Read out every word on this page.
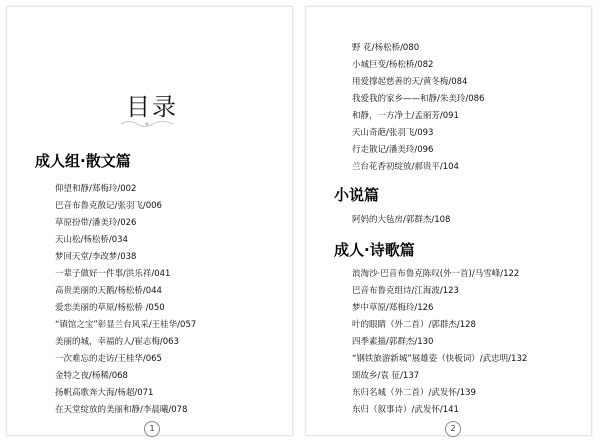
目录
成人组·散文篇
仰望和静/郑梅玲/002
巴音布鲁克散记/张羽飞/006
草原扮带/潘美玲/026
天山松/杨松桥/034
梦回天堂/李改梦/038
一辈子做好一件事/洪乐祥/041
高贵美丽的天鹅/杨松桥/044
爱恋美丽的草原/杨松桥 /050
“镇馆之宝”彰显兰台风采/王桂华/057
美丽的城，幸福的人/崔志梅/063
一次难忘的走访/王桂华/065
金特之夜/杨稀/068
扬帆高歌奔大海/杨超/071
在天堂绽放的美丽和静/李晨曦/078
1
野 花/杨松桥/080
小城巨变/杨松桥/082
用爱撑起慈善的天/黄冬梅/084
我爱我的家乡——和静/朱美玲/086
和静，一方净土/孟丽芳/091
天山奇葩/张羽飞/093
行走散记/潘美玲/096
兰台花香初绽放/郝贵平/104
小说篇
阿妈的大毡房/郭群杰/108
成人·诗歌篇
浪淘沙·巴音布鲁克陈叹(外一首)/马雪峰/122
巴音布鲁克组诗/江海波/123
梦中草原/郑梅玲/126
叶的眼睛（外二首）/郭群杰/128
四季素描/郭群杰/130
“钢铁旅游新城”展雄姿（快板词）/武忠明/132
颂故乡/袁 征/137
东归名城（外二首）/武发怀/139
东归（叙事诗）/武发怀/141
2
